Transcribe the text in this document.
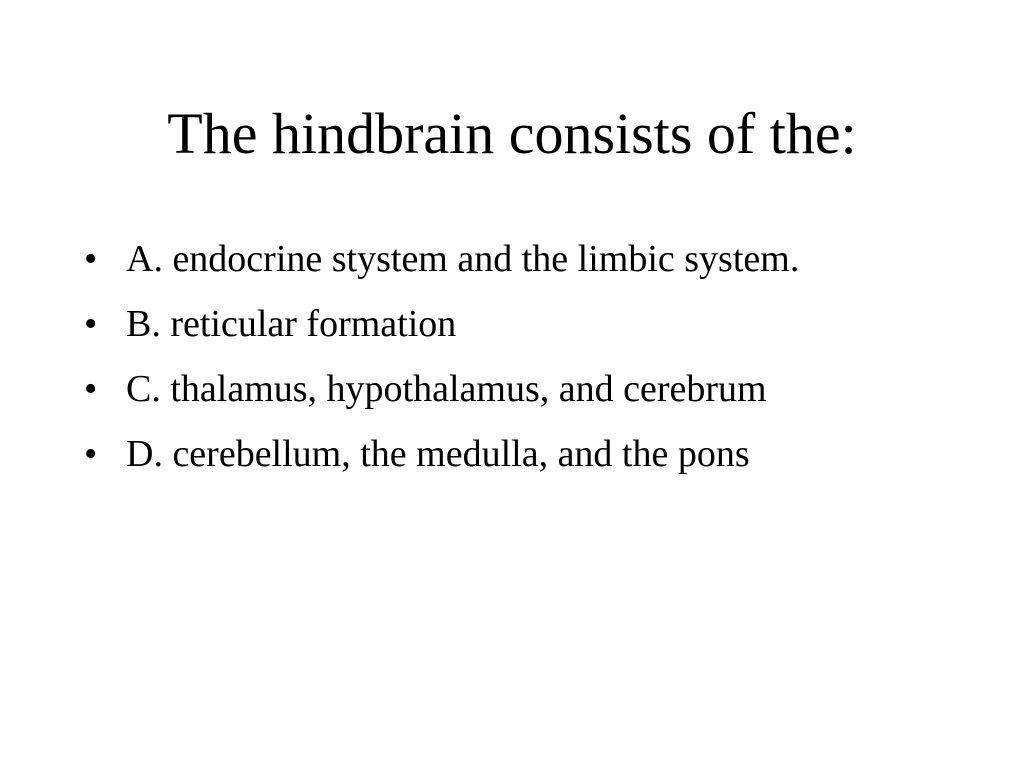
The hindbrain consists of the:
• A. endocrine stystem and the limbic system.
• B. reticular formation
• C. thalamus, hypothalamus, and cerebrum
• D. cerebellum, the medulla, and the pons
